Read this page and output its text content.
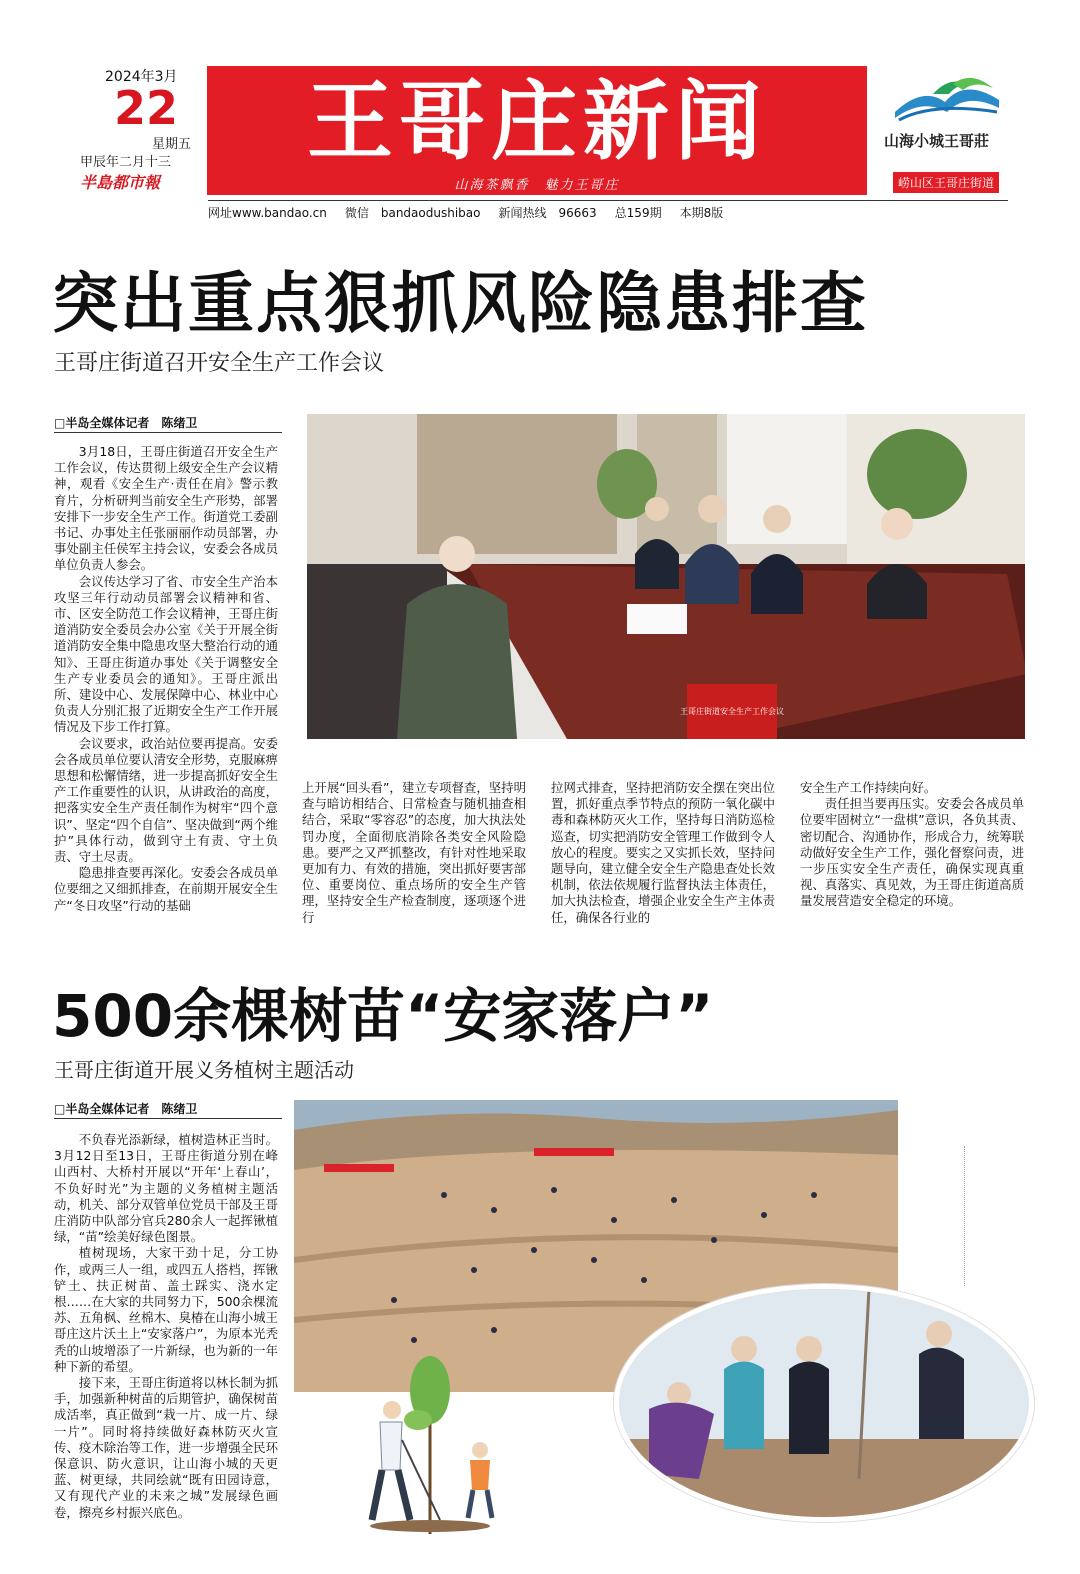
2024年3月
22
星期五
甲辰年二月十三
半島都市報
王哥庄新闻
山海茶飘香　魅力王哥庄
山海小城王哥莊
崂山区王哥庄街道
网址www.bandao.cn 微信　bandaodushibao 新闻热线　96663 总159期 本期8版
突出重点狠抓风险隐患排查
王哥庄街道召开安全生产工作会议
□半岛全媒体记者　陈绪卫

3月18日，王哥庄街道召开安全生产工作会议，传达贯彻上级安全生产会议精神，观看《安全生产·责任在肩》警示教育片，分析研判当前安全生产形势，部署安排下一步安全生产工作。街道党工委副书记、办事处主任张丽丽作动员部署，办事处副主任侯军主持会议，安委会各成员单位负责人参会。

会议传达学习了省、市安全生产治本攻坚三年行动动员部署会议精神和省、市、区安全防范工作会议精神，王哥庄街道消防安全委员会办公室《关于开展全街道消防安全集中隐患攻坚大整治行动的通知》、王哥庄街道办事处《关于调整安全生产专业委员会的通知》。王哥庄派出所、建设中心、发展保障中心、林业中心负责人分别汇报了近期安全生产工作开展情况及下步工作打算。

会议要求，政治站位要再提高。安委会各成员单位要认清安全形势，克服麻痹思想和松懈情绪，进一步提高抓好安全生产工作重要性的认识，从讲政治的高度，把落实安全生产责任制作为树牢“四个意识”、坚定“四个自信”、坚决做到“两个维护”具体行动，做到守土有责、守土负责、守土尽责。

隐患排查要再深化。安委会各成员单位要细之又细抓排查，在前期开展安全生产“冬日攻坚”行动的基础

王哥庄街道安全生产工作会议

上开展“回头看”，建立专项督查，坚持明查与暗访相结合、日常检查与随机抽查相结合，采取“零容忍”的态度，加大执法处罚办度，全面彻底消除各类安全风险隐患。要严之又严抓整改，有针对性地采取更加有力、有效的措施，突出抓好要害部位、重要岗位、重点场所的安全生产管理，坚持安全生产检查制度，逐项逐个进行

拉网式排查，坚持把消防安全摆在突出位置，抓好重点季节特点的预防一氧化碳中毒和森林防灭火工作，坚持每日消防巡检巡查，切实把消防安全管理工作做到令人放心的程度。要实之又实抓长效，坚持问题导向，建立健全安全生产隐患查处长效机制，依法依规履行监督执法主体责任，加大执法检查，增强企业安全生产主体责任，确保各行业的

安全生产工作持续向好。

责任担当要再压实。安委会各成员单位要牢固树立“一盘棋”意识，各负其责、密切配合、沟通协作，形成合力，统筹联动做好安全生产工作，强化督察问责，进一步压实安全生产责任，确保实现真重视、真落实、真见效，为王哥庄街道高质量发展营造安全稳定的环境。

500余棵树苗“安家落户”
王哥庄街道开展义务植树主题活动
□半岛全媒体记者　陈绪卫

不负春光添新绿，植树造林正当时。3月12日至13日，王哥庄街道分别在峰山西村、大桥村开展以“开年‘上春山’，不负好时光”为主题的义务植树主题活动，机关、部分双管单位党员干部及王哥庄消防中队部分官兵280余人一起挥锹植绿，“苗”绘美好绿色图景。

植树现场，大家干劲十足，分工协作，或两三人一组，或四五人搭档，挥锹铲土、扶正树苗、盖土踩实、浇水定根……在大家的共同努力下，500余棵流苏、五角枫、丝棉木、臭椿在山海小城王哥庄这片沃土上“安家落户”，为原本光秃秃的山坡增添了一片新绿，也为新的一年种下新的希望。

接下来，王哥庄街道将以林长制为抓手，加强新种树苗的后期管护，确保树苗成活率，真正做到“栽一片、成一片、绿一片”。同时将持续做好森林防灭火宣传、疫木除治等工作，进一步增强全民环保意识、防火意识，让山海小城的天更蓝、树更绿，共同绘就“既有田园诗意，又有现代产业的未来之城”发展绿色画卷，擦亮乡村振兴底色。
